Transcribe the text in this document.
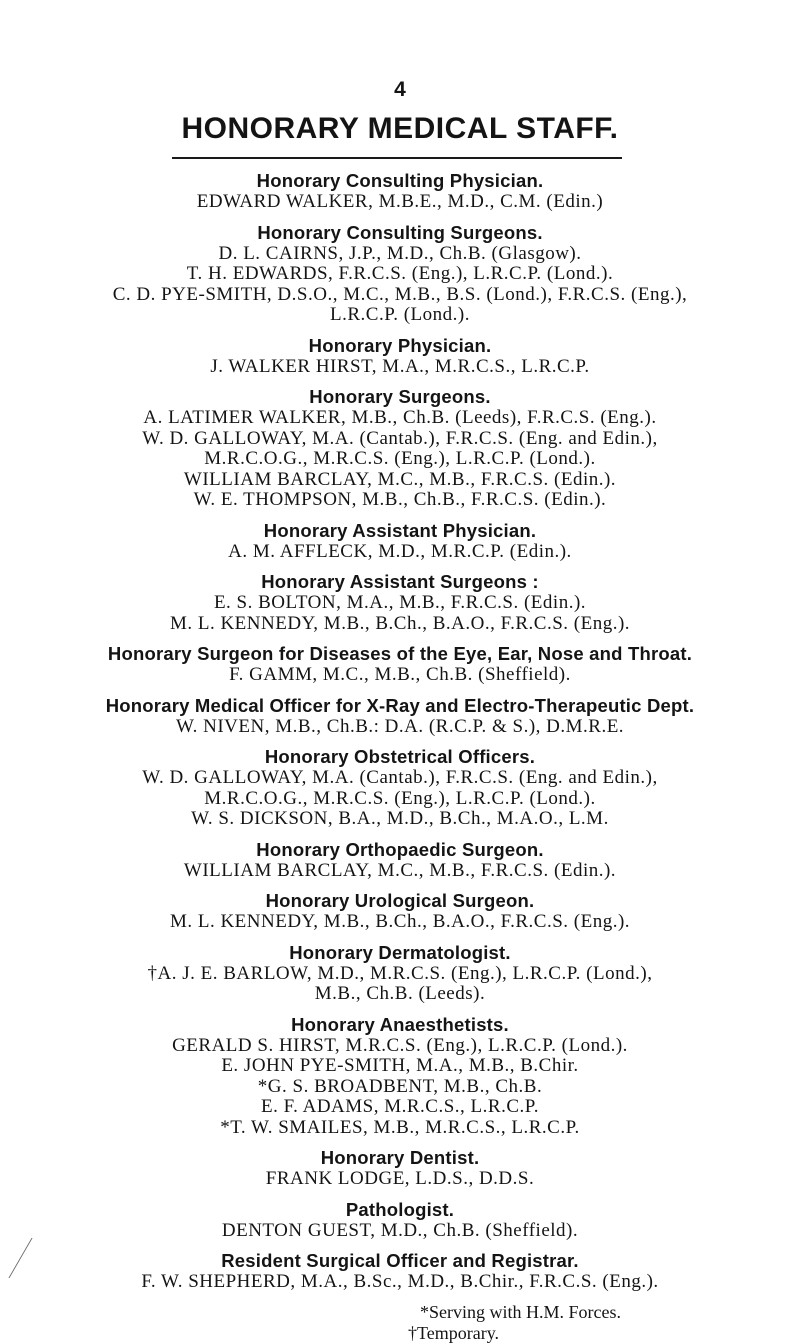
4
HONORARY MEDICAL STAFF.
Honorary Consulting Physician.
EDWARD WALKER, M.B.E., M.D., C.M. (Edin.)
Honorary Consulting Surgeons.
D. L. CAIRNS, J.P., M.D., Ch.B. (Glasgow).
T. H. EDWARDS, F.R.C.S. (Eng.), L.R.C.P. (Lond.).
C. D. PYE-SMITH, D.S.O., M.C., M.B., B.S. (Lond.), F.R.C.S. (Eng.),
L.R.C.P. (Lond.).
Honorary Physician.
J. WALKER HIRST, M.A., M.R.C.S., L.R.C.P.
Honorary Surgeons.
A. LATIMER WALKER, M.B., Ch.B. (Leeds), F.R.C.S. (Eng.).
W. D. GALLOWAY, M.A. (Cantab.), F.R.C.S. (Eng. and Edin.),
M.R.C.O.G., M.R.C.S. (Eng.), L.R.C.P. (Lond.).
WILLIAM BARCLAY, M.C., M.B., F.R.C.S. (Edin.).
W. E. THOMPSON, M.B., Ch.B., F.R.C.S. (Edin.).
Honorary Assistant Physician.
A. M. AFFLECK, M.D., M.R.C.P. (Edin.).
Honorary Assistant Surgeons :
E. S. BOLTON, M.A., M.B., F.R.C.S. (Edin.).
M. L. KENNEDY, M.B., B.Ch., B.A.O., F.R.C.S. (Eng.).
Honorary Surgeon for Diseases of the Eye, Ear, Nose and Throat.
F. GAMM, M.C., M.B., Ch.B. (Sheffield).
Honorary Medical Officer for X-Ray and Electro-Therapeutic Dept.
W. NIVEN, M.B., Ch.B.: D.A. (R.C.P. & S.), D.M.R.E.
Honorary Obstetrical Officers.
W. D. GALLOWAY, M.A. (Cantab.), F.R.C.S. (Eng. and Edin.),
M.R.C.O.G., M.R.C.S. (Eng.), L.R.C.P. (Lond.).
W. S. DICKSON, B.A., M.D., B.Ch., M.A.O., L.M.
Honorary Orthopaedic Surgeon.
WILLIAM BARCLAY, M.C., M.B., F.R.C.S. (Edin.).
Honorary Urological Surgeon.
M. L. KENNEDY, M.B., B.Ch., B.A.O., F.R.C.S. (Eng.).
Honorary Dermatologist.
†A. J. E. BARLOW, M.D., M.R.C.S. (Eng.), L.R.C.P. (Lond.),
M.B., Ch.B. (Leeds).
Honorary Anaesthetists.
GERALD S. HIRST, M.R.C.S. (Eng.), L.R.C.P. (Lond.).
E. JOHN PYE-SMITH, M.A., M.B., B.Chir.
*G. S. BROADBENT, M.B., Ch.B.
E. F. ADAMS, M.R.C.S., L.R.C.P.
*T. W. SMAILES, M.B., M.R.C.S., L.R.C.P.
Honorary Dentist.
FRANK LODGE, L.D.S., D.D.S.
Pathologist.
DENTON GUEST, M.D., Ch.B. (Sheffield).
Resident Surgical Officer and Registrar.
F. W. SHEPHERD, M.A., B.Sc., M.D., B.Chir., F.R.C.S. (Eng.).
*Serving with H.M. Forces.
†Temporary.
